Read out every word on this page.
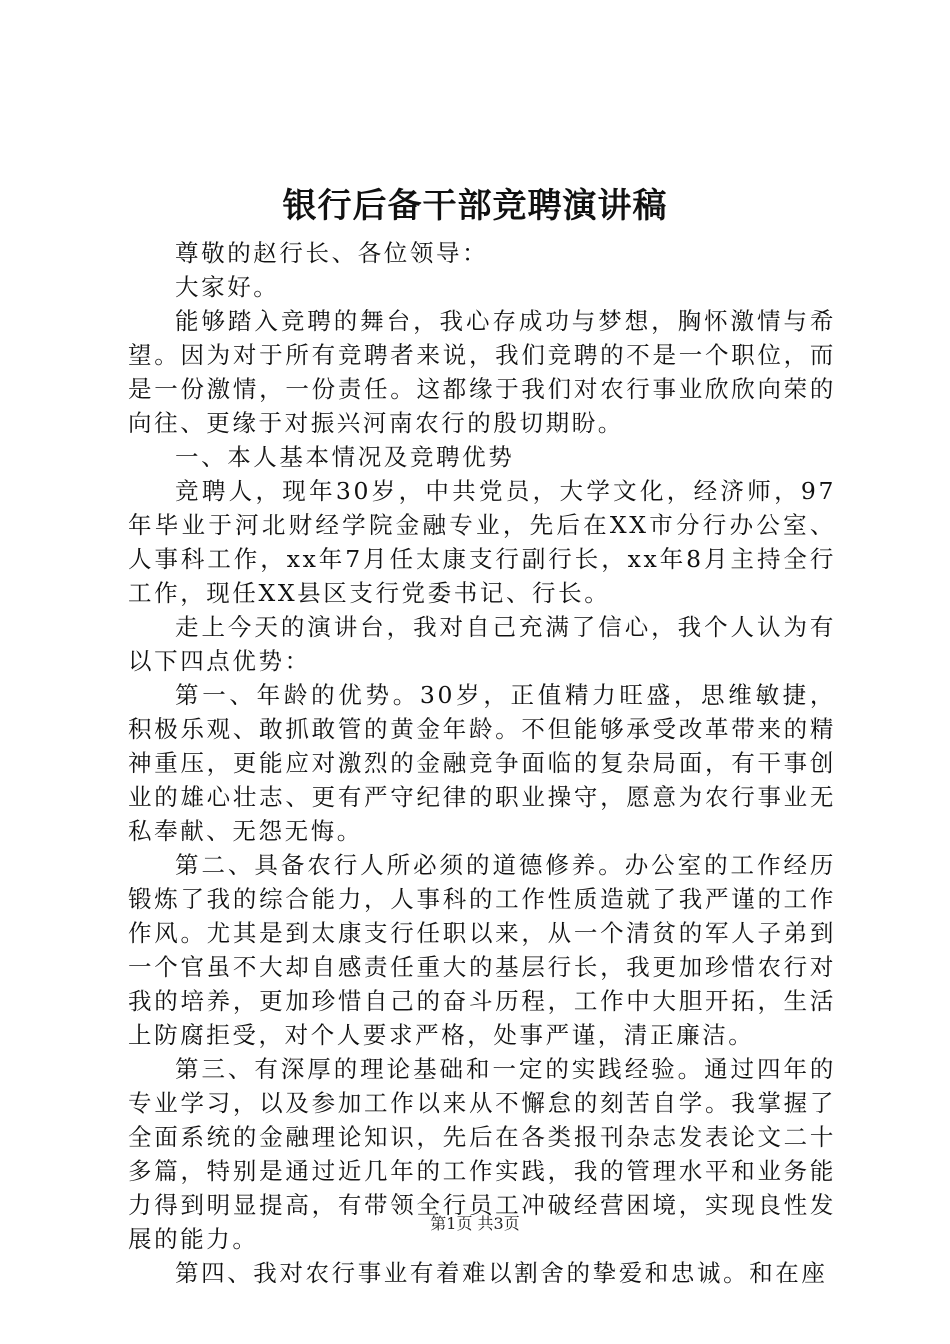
银行后备干部竞聘演讲稿

尊敬的赵行长、各位领导：

大家好。

能够踏入竞聘的舞台，我心存成功与梦想，胸怀激情与希望。因为对于所有竞聘者来说，我们竞聘的不是一个职位，而是一份激情，一份责任。这都缘于我们对农行事业欣欣向荣的向往、更缘于对振兴河南农行的殷切期盼。

一、本人基本情况及竞聘优势

竞聘人，现年30岁，中共党员，大学文化，经济师，97年毕业于河北财经学院金融专业，先后在XX市分行办公室、人事科工作，xx年7月任太康支行副行长，xx年8月主持全行工作，现任XX县区支行党委书记、行长。

走上今天的演讲台，我对自己充满了信心，我个人认为有以下四点优势：

第一、年龄的优势。30岁，正值精力旺盛，思维敏捷，积极乐观、敢抓敢管的黄金年龄。不但能够承受改革带来的精神重压，更能应对激烈的金融竞争面临的复杂局面，有干事创业的雄心壮志、更有严守纪律的职业操守，愿意为农行事业无私奉献、无怨无悔。

第二、具备农行人所必须的道德修养。办公室的工作经历锻炼了我的综合能力，人事科的工作性质造就了我严谨的工作作风。尤其是到太康支行任职以来，从一个清贫的军人子弟到一个官虽不大却自感责任重大的基层行长，我更加珍惜农行对我的培养，更加珍惜自己的奋斗历程，工作中大胆开拓，生活上防腐拒受，对个人要求严格，处事严谨，清正廉洁。

第三、有深厚的理论基础和一定的实践经验。通过四年的专业学习，以及参加工作以来从不懈怠的刻苦自学。我掌握了全面系统的金融理论知识，先后在各类报刊杂志发表论文二十多篇，特别是通过近几年的工作实践，我的管理水平和业务能力得到明显提高，有带领全行员工冲破经营困境，实现良性发展的能力。

第四、我对农行事业有着难以割舍的挚爱和忠诚。和在座

第1页 共3页
